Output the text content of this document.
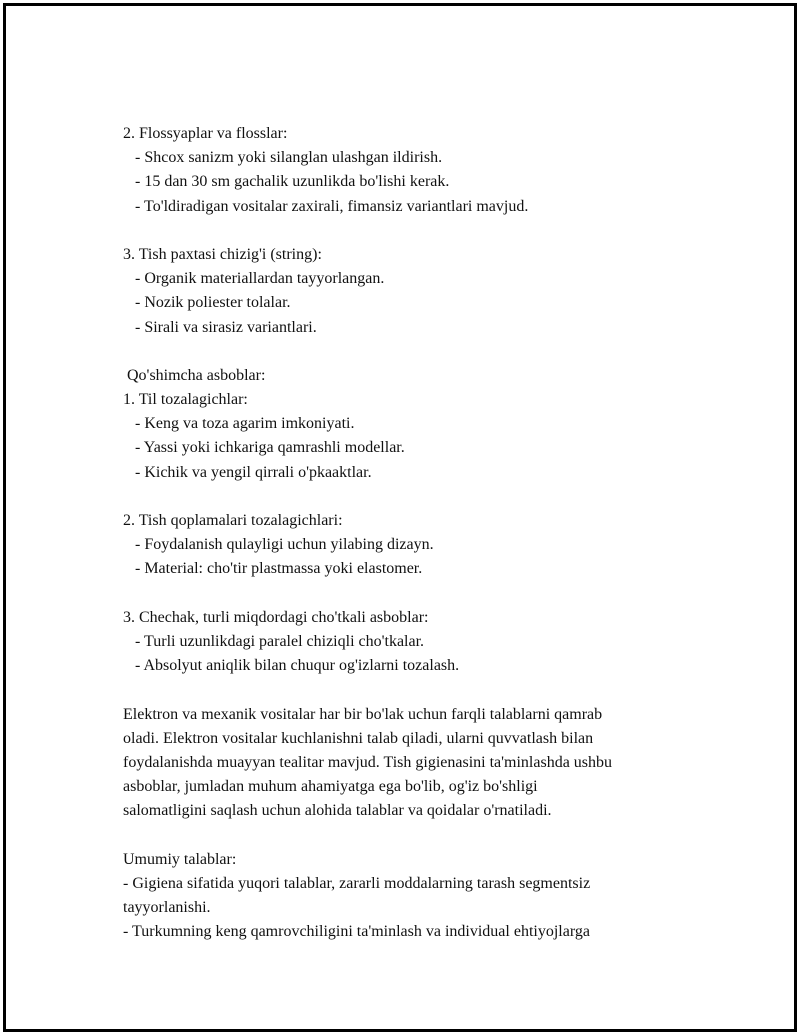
2. Flossyaplar va flosslar:
- Shcox sanizm yoki silanglan ulashgan ildirish.
- 15 dan 30 sm gachalik uzunlikda bo'lishi kerak.
- To'ldiradigan vositalar zaxirali, fimansiz variantlari mavjud.
3. Tish paxtasi chizig'i (string):
- Organik materiallardan tayyorlangan.
- Nozik poliester tolalar.
- Sirali va sirasiz variantlari.
Qo'shimcha asboblar:
1. Til tozalagichlar:
- Keng va toza agarim imkoniyati.
- Yassi yoki ichkariga qamrashli modellar.
- Kichik va yengil qirrali o'pkaaktlar.
2. Tish qoplamalari tozalagichlari:
- Foydalanish qulayligi uchun yilabing dizayn.
- Material: cho'tir plastmassa yoki elastomer.
3. Chechak, turli miqdordagi cho'tkali asboblar:
- Turli uzunlikdagi paralel chiziqli cho'tkalar.
- Absolyut aniqlik bilan chuqur og'izlarni tozalash.
Elektron va mexanik vositalar har bir bo'lak uchun farqli talablarni qamrab
oladi. Elektron vositalar kuchlanishni talab qiladi, ularni quvvatlash bilan
foydalanishda muayyan tealitar mavjud. Tish gigienasini ta'minlashda ushbu
asboblar, jumladan muhum ahamiyatga ega bo'lib, og'iz bo'shligi
salomatligini saqlash uchun alohida talablar va qoidalar o'rnatiladi.
Umumiy talablar:
- Gigiena sifatida yuqori talablar, zararli moddalarning tarash segmentsiz
tayyorlanishi.
- Turkumning keng qamrovchiligini ta'minlash va individual ehtiyojlarga
